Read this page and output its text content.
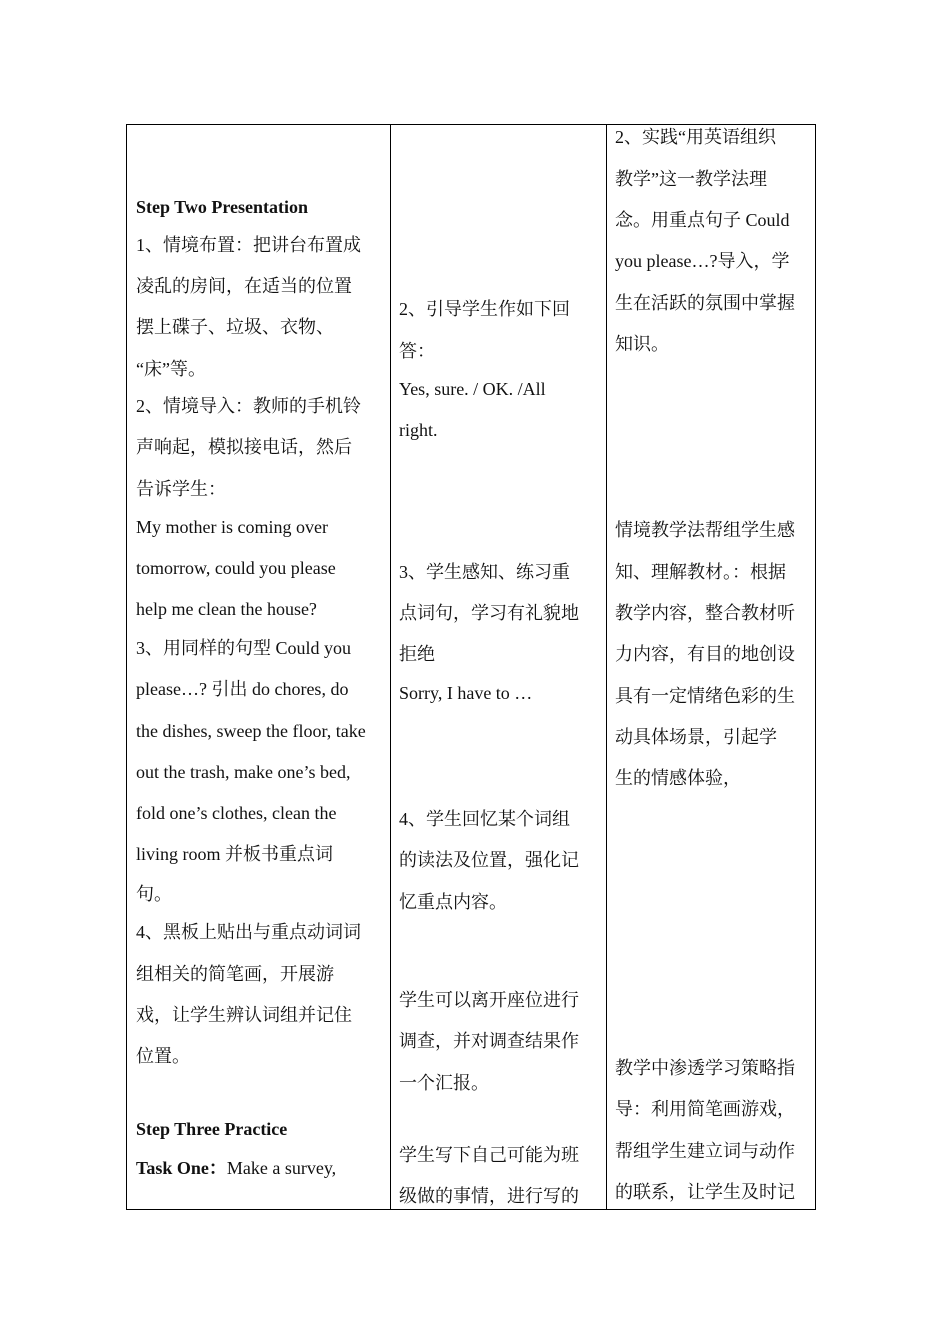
Step Two Presentation
1、情境布置：把讲台布置成
凌乱的房间，在适当的位置
摆上碟子、垃圾、衣物、
“床”等。
2、情境导入：教师的手机铃
声响起，模拟接电话，然后
告诉学生：
My mother is coming over
tomorrow, could you please
help me clean the house?
3、用同样的句型 Could you
please…? 引出 do chores, do
the dishes, sweep the floor, take
out the trash, make one’s bed,
fold one’s clothes, clean the
living room 并板书重点词
句。
4、黑板上贴出与重点动词词
组相关的简笔画，开展游
戏，让学生辨认词组并记住
位置。
Step Three Practice
Task One：Make a survey,
2、引导学生作如下回
答：
Yes, sure. / OK. /All
right.
3、学生感知、练习重
点词句，学习有礼貌地
拒绝
Sorry, I have to …
4、学生回忆某个词组
的读法及位置，强化记
忆重点内容。
学生可以离开座位进行
调查，并对调查结果作
一个汇报。
学生写下自己可能为班
级做的事情，进行写的
2、实践“用英语组织
教学”这一教学法理
念。用重点句子 Could
you please…?导入，学
生在活跃的氛围中掌握
知识。
情境教学法帮组学生感
知、理解教材。：根据
教学内容，整合教材听
力内容，有目的地创设
具有一定情绪色彩的生
动具体场景，引起学
生的情感体验，
教学中渗透学习策略指
导：利用简笔画游戏，
帮组学生建立词与动作
的联系，让学生及时记
